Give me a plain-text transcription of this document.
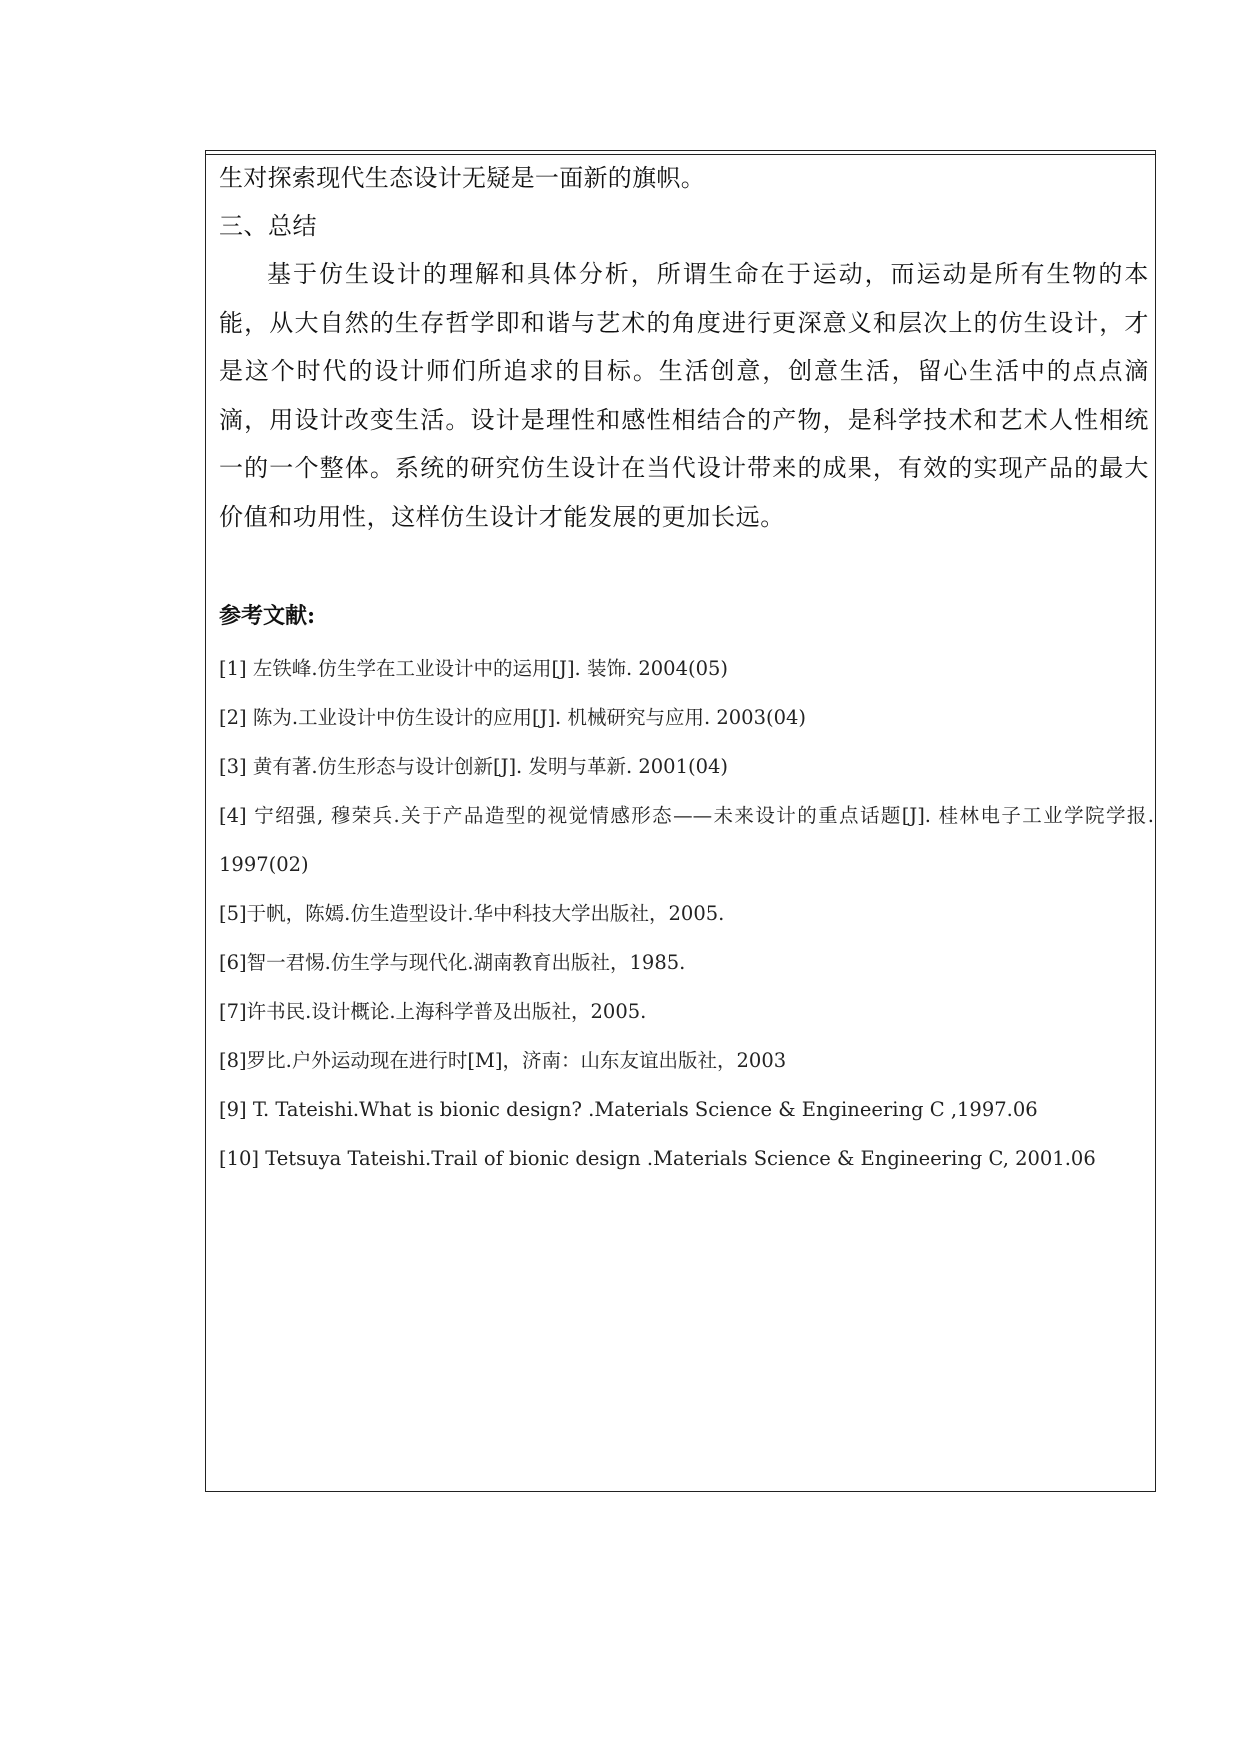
生对探索现代生态设计无疑是一面新的旗帜。
三、总结

基于仿生设计的理解和具体分析，所谓生命在于运动，而运动是所有生物的本能，从大自然的生存哲学即和谐与艺术的角度进行更深意义和层次上的仿生设计，才是这个时代的设计师们所追求的目标。生活创意，创意生活，留心生活中的点点滴滴，用设计改变生活。设计是理性和感性相结合的产物，是科学技术和艺术人性相统一的一个整体。系统的研究仿生设计在当代设计带来的成果，有效的实现产品的最大价值和功用性，这样仿生设计才能发展的更加长远。

参考文献:
[1] 左铁峰.仿生学在工业设计中的运用[J]. 装饰. 2004(05)
[2] 陈为.工业设计中仿生设计的应用[J]. 机械研究与应用. 2003(04)
[3] 黄有著.仿生形态与设计创新[J]. 发明与革新. 2001(04)
[4] 宁绍强, 穆荣兵.关于产品造型的视觉情感形态——未来设计的重点话题[J]. 桂林电子工业学院学报. 1997(02)
[5]于帆，陈嫣.仿生造型设计.华中科技大学出版社，2005.
[6]智一君惕.仿生学与现代化.湖南教育出版社，1985.
[7]许书民.设计概论.上海科学普及出版社，2005.
[8]罗比.户外运动现在进行时[M]，济南：山东友谊出版社，2003
[9] T. Tateishi.What is bionic design? .Materials Science & Engineering C ,1997.06
[10] Tetsuya Tateishi.Trail of bionic design .Materials Science & Engineering C, 2001.06
